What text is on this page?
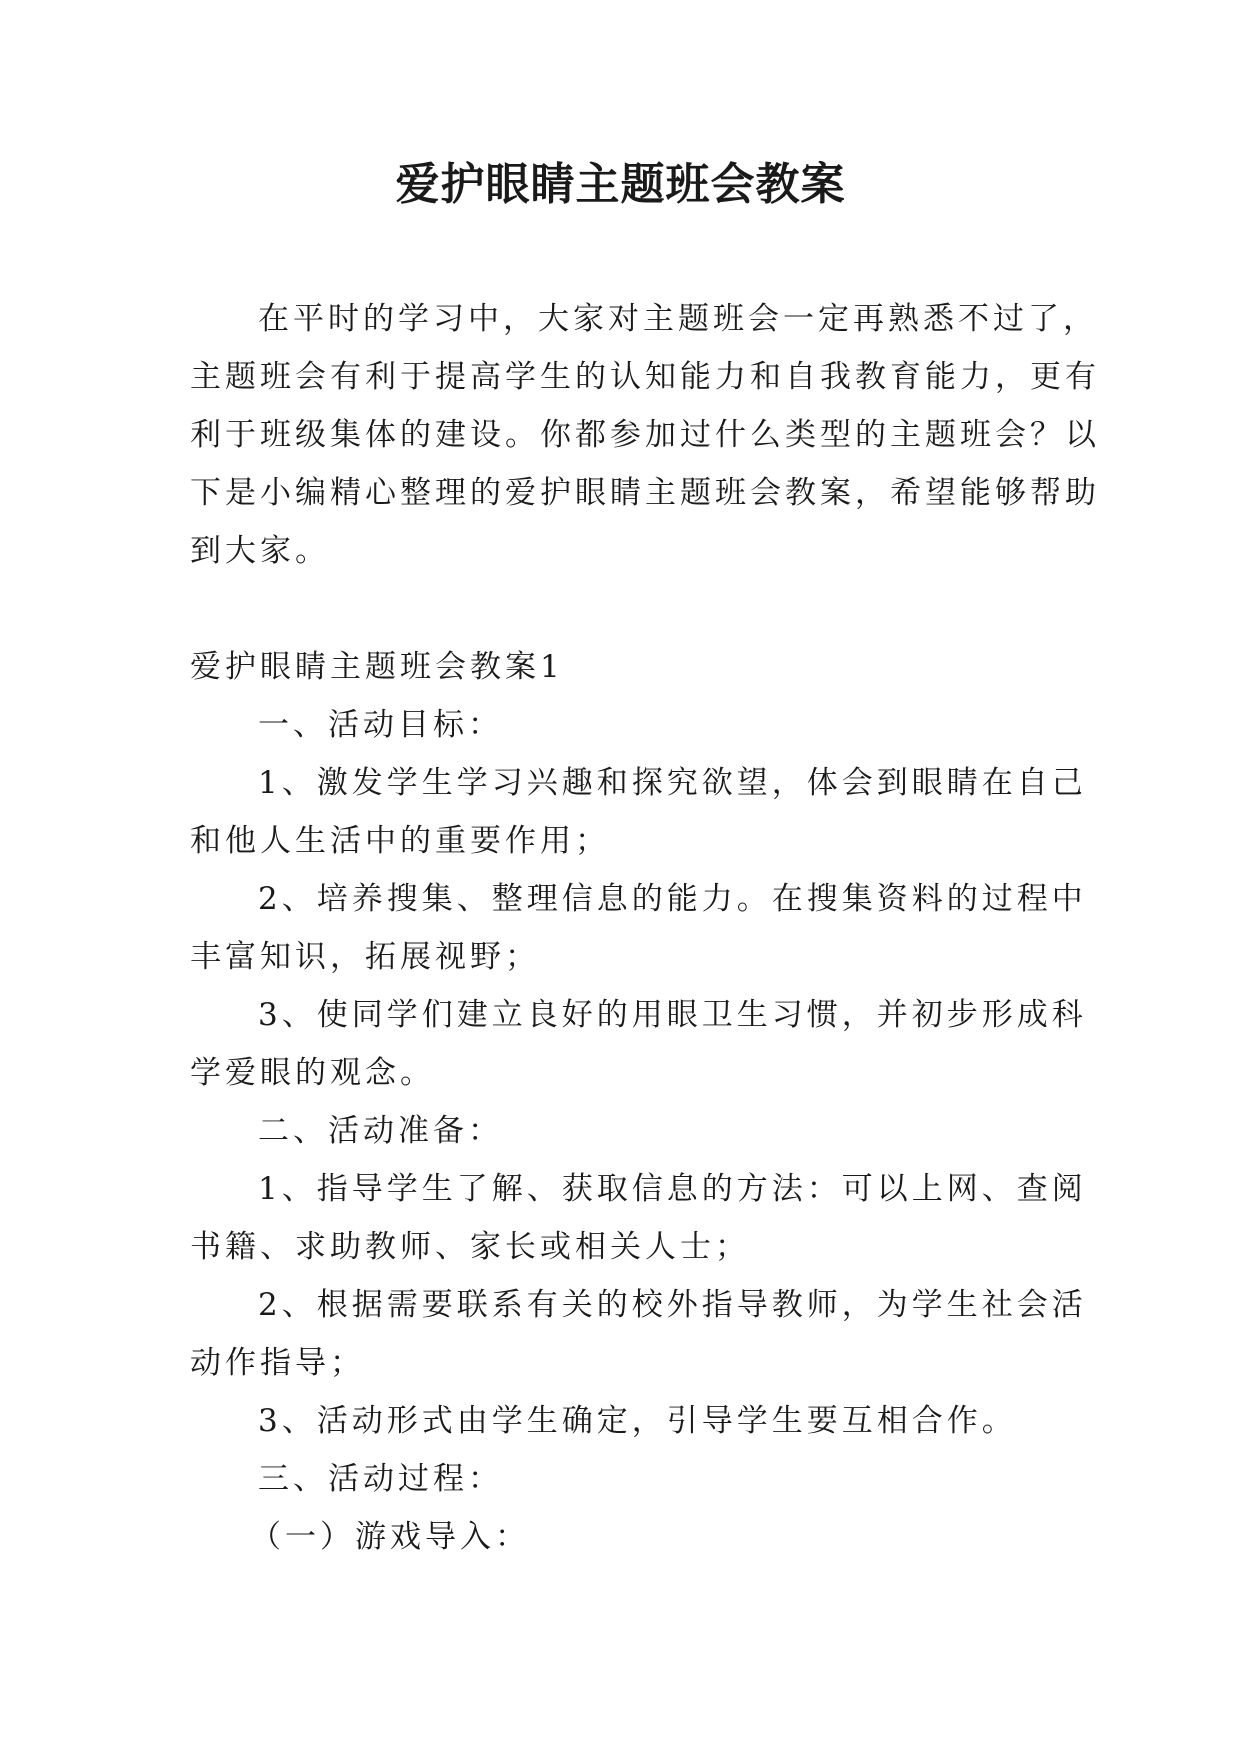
爱护眼睛主题班会教案
在平时的学习中，大家对主题班会一定再熟悉不过了，
主题班会有利于提高学生的认知能力和自我教育能力，更有
利于班级集体的建设。你都参加过什么类型的主题班会？以
下是小编精心整理的爱护眼睛主题班会教案，希望能够帮助
到大家。
爱护眼睛主题班会教案1
一、活动目标：
1、激发学生学习兴趣和探究欲望，体会到眼睛在自己
和他人生活中的重要作用；
2、培养搜集、整理信息的能力。在搜集资料的过程中
丰富知识，拓展视野；
3、使同学们建立良好的用眼卫生习惯，并初步形成科
学爱眼的观念。
二、活动准备：
1、指导学生了解、获取信息的方法：可以上网、查阅
书籍、求助教师、家长或相关人士；
2、根据需要联系有关的校外指导教师，为学生社会活
动作指导；
3、活动形式由学生确定，引导学生要互相合作。
三、活动过程：
（一）游戏导入：
